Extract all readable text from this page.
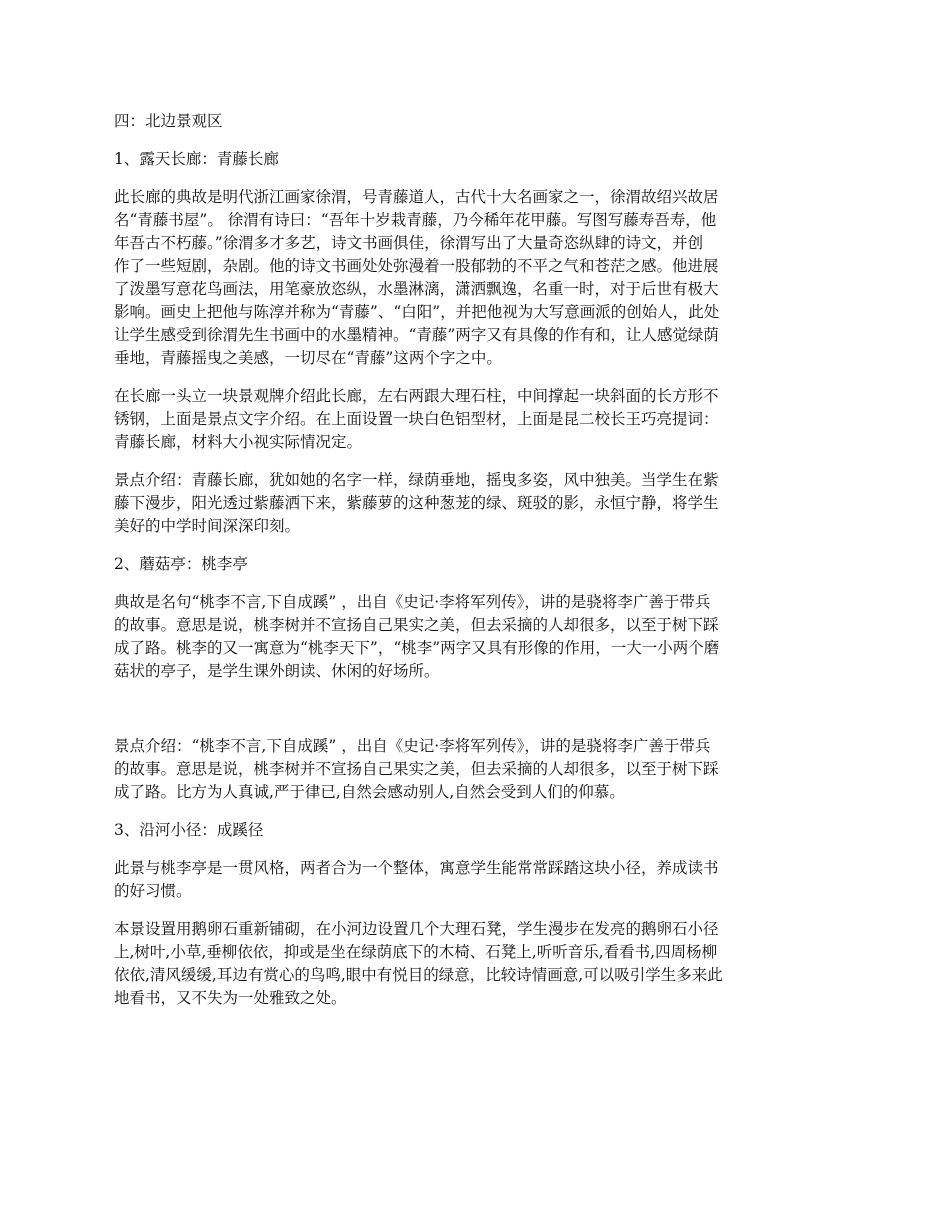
四：北边景观区
1、露天长廊：青藤长廊
此长廊的典故是明代浙江画家徐渭，号青藤道人，古代十大名画家之一，徐渭故绍兴故居
名“青藤书屋”。 徐渭有诗曰：“吾年十岁栽青藤，乃今稀年花甲藤。写图写藤寿吾寿，他
年吾古不朽藤。”徐渭多才多艺，诗文书画俱佳，徐渭写出了大量奇恣纵肆的诗文，并创
作了一些短剧，杂剧。他的诗文书画处处弥漫着一股郁勃的不平之气和苍茫之感。他进展
了泼墨写意花鸟画法，用笔豪放恣纵，水墨淋漓，潇洒飘逸，名重一时，对于后世有极大
影响。画史上把他与陈淳并称为“青藤”、“白阳”，并把他视为大写意画派的创始人，此处
让学生感受到徐渭先生书画中的水墨精神。“青藤”两字又有具像的作有和，让人感觉绿荫
垂地，青藤摇曳之美感，一切尽在“青藤”这两个字之中。
在长廊一头立一块景观牌介绍此长廊，左右两跟大理石柱，中间撑起一块斜面的长方形不
锈钢，上面是景点文字介绍。在上面设置一块白色铝型材，上面是昆二校长王巧亮提词：
青藤长廊，材料大小视实际情况定。
景点介绍：青藤长廊，犹如她的名字一样，绿荫垂地，摇曳多姿，风中独美。当学生在紫
藤下漫步，阳光透过紫藤洒下来，紫藤萝的这种葱茏的绿、斑驳的影，永恒宁静，将学生
美好的中学时间深深印刻。
2、蘑菇亭：桃李亭
典故是名句“桃李不言,下自成蹊” ，出自《史记·李将军列传》，讲的是骁将李广善于带兵
的故事。意思是说，桃李树并不宣扬自己果实之美，但去采摘的人却很多，以至于树下踩
成了路。桃李的又一寓意为“桃李天下”，“桃李”两字又具有形像的作用，一大一小两个磨
菇状的亭子，是学生课外朗读、休闲的好场所。
景点介绍：“桃李不言,下自成蹊” ，出自《史记·李将军列传》，讲的是骁将李广善于带兵
的故事。意思是说，桃李树并不宣扬自己果实之美，但去采摘的人却很多，以至于树下踩
成了路。比方为人真诚,严于律已,自然会感动别人,自然会受到人们的仰慕。
3、沿河小径：成蹊径
此景与桃李亭是一贯风格，两者合为一个整体，寓意学生能常常踩踏这块小径，养成读书
的好习惯。
本景设置用鹅卵石重新铺砌，在小河边设置几个大理石凳，学生漫步在发亮的鹅卵石小径
上,树叶,小草,垂柳依依，抑或是坐在绿荫底下的木椅、石凳上,听听音乐,看看书,四周杨柳
依依,清风缓缓,耳边有赏心的鸟鸣,眼中有悦目的绿意，比较诗情画意,可以吸引学生多来此
地看书，又不失为一处雅致之处。
